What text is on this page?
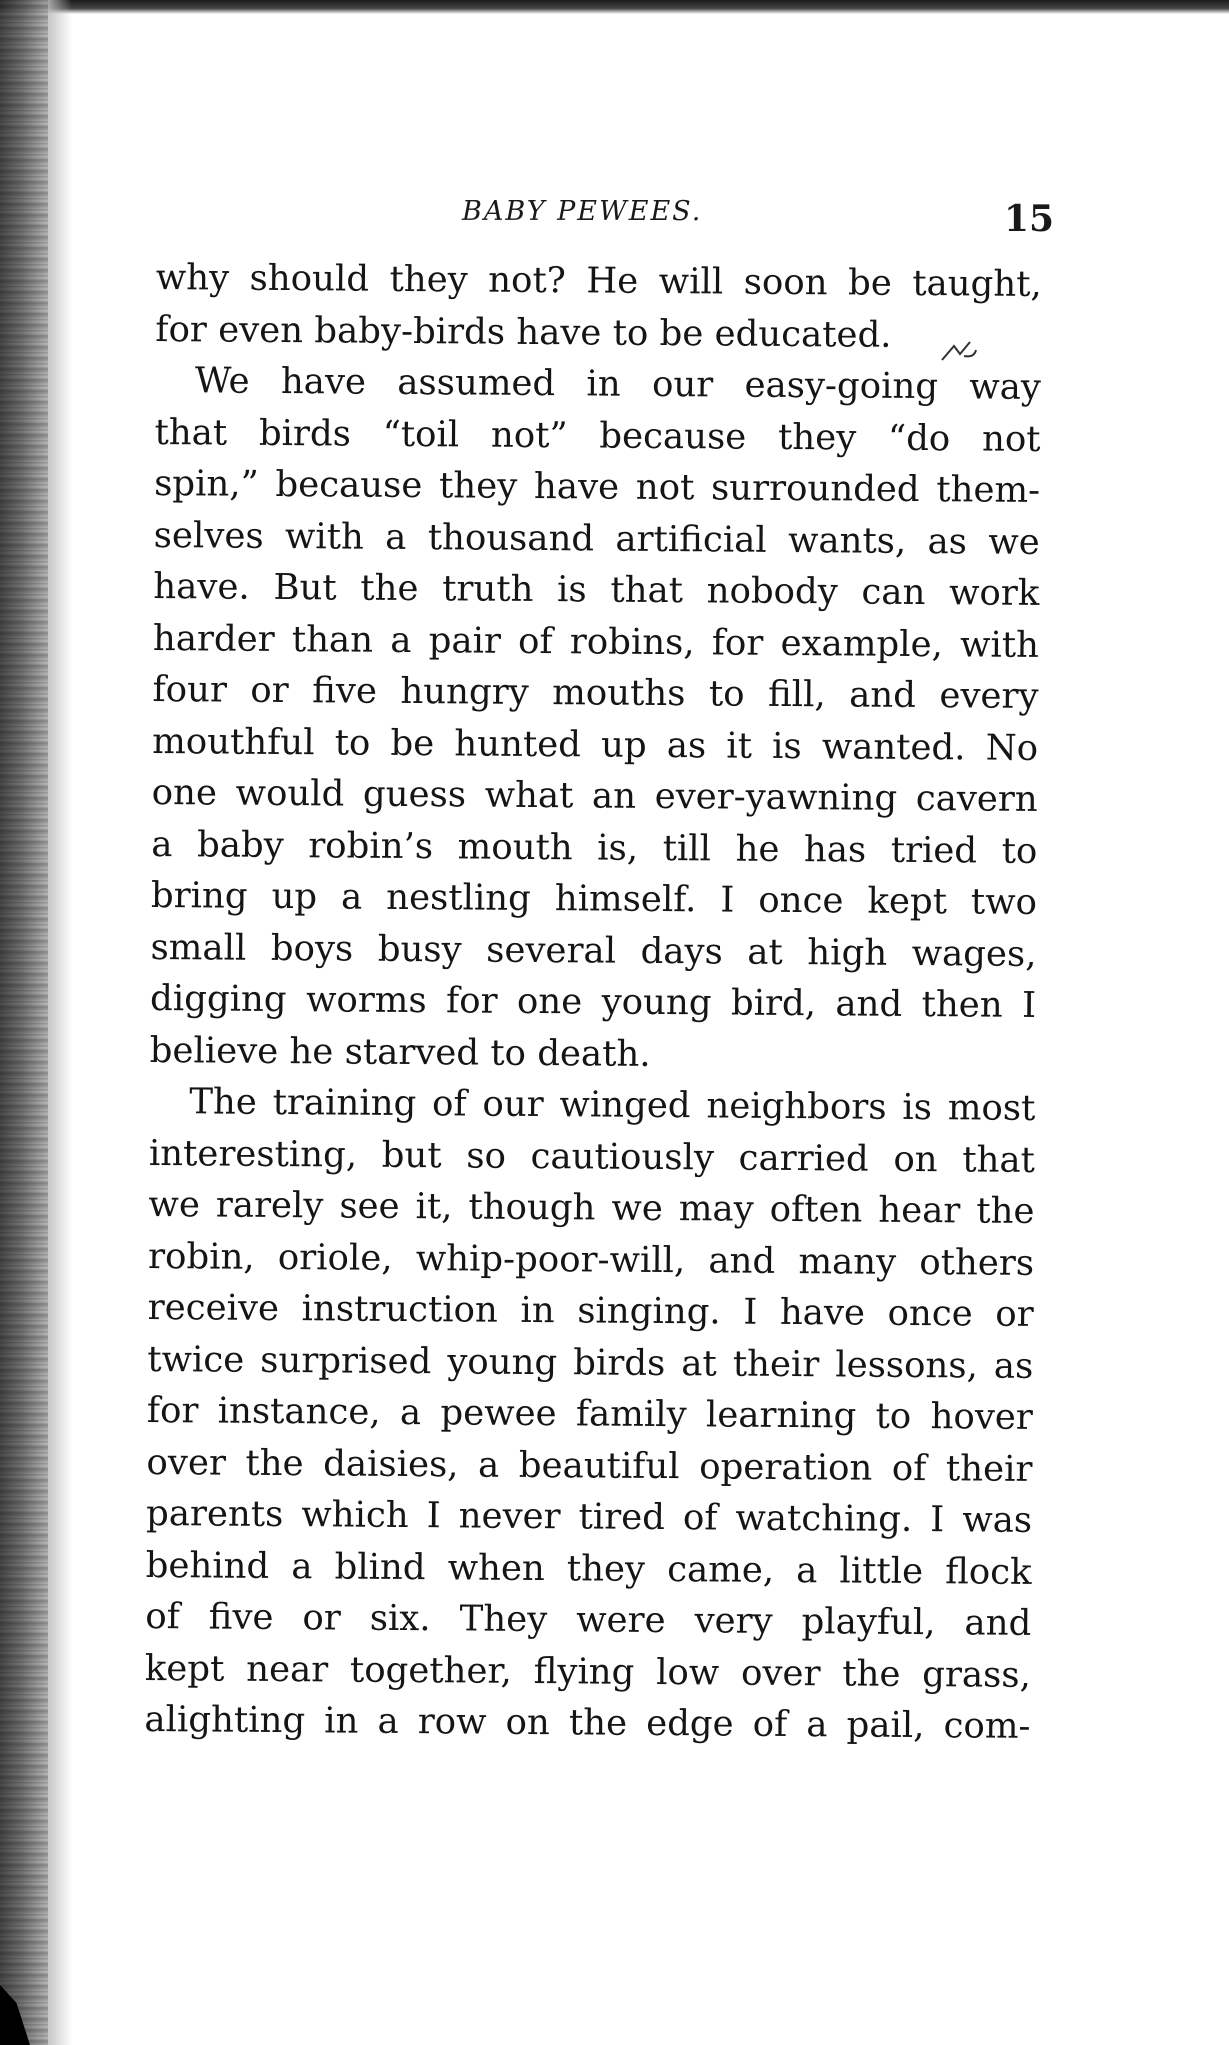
BABY PEWEES.	15
why should they not? He will soon be taught,
for even baby-birds have to be educated.
We have assumed in our easy-going way
that birds “toil not” because they “do not
spin,” because they have not surrounded them-
selves with a thousand artificial wants, as we
have. But the truth is that nobody can work
harder than a pair of robins, for example, with
four or five hungry mouths to fill, and every
mouthful to be hunted up as it is wanted. No
one would guess what an ever-yawning cavern
a baby robin’s mouth is, till he has tried to
bring up a nestling himself. I once kept two
small boys busy several days at high wages,
digging worms for one young bird, and then I
believe he starved to death.
The training of our winged neighbors is most
interesting, but so cautiously carried on that
we rarely see it, though we may often hear the
robin, oriole, whip-poor-will, and many others
receive instruction in singing. I have once or
twice surprised young birds at their lessons, as
for instance, a pewee family learning to hover
over the daisies, a beautiful operation of their
parents which I never tired of watching. I was
behind a blind when they came, a little flock
of five or six. They were very playful, and
kept near together, flying low over the grass,
alighting in a row on the edge of a pail, com-
